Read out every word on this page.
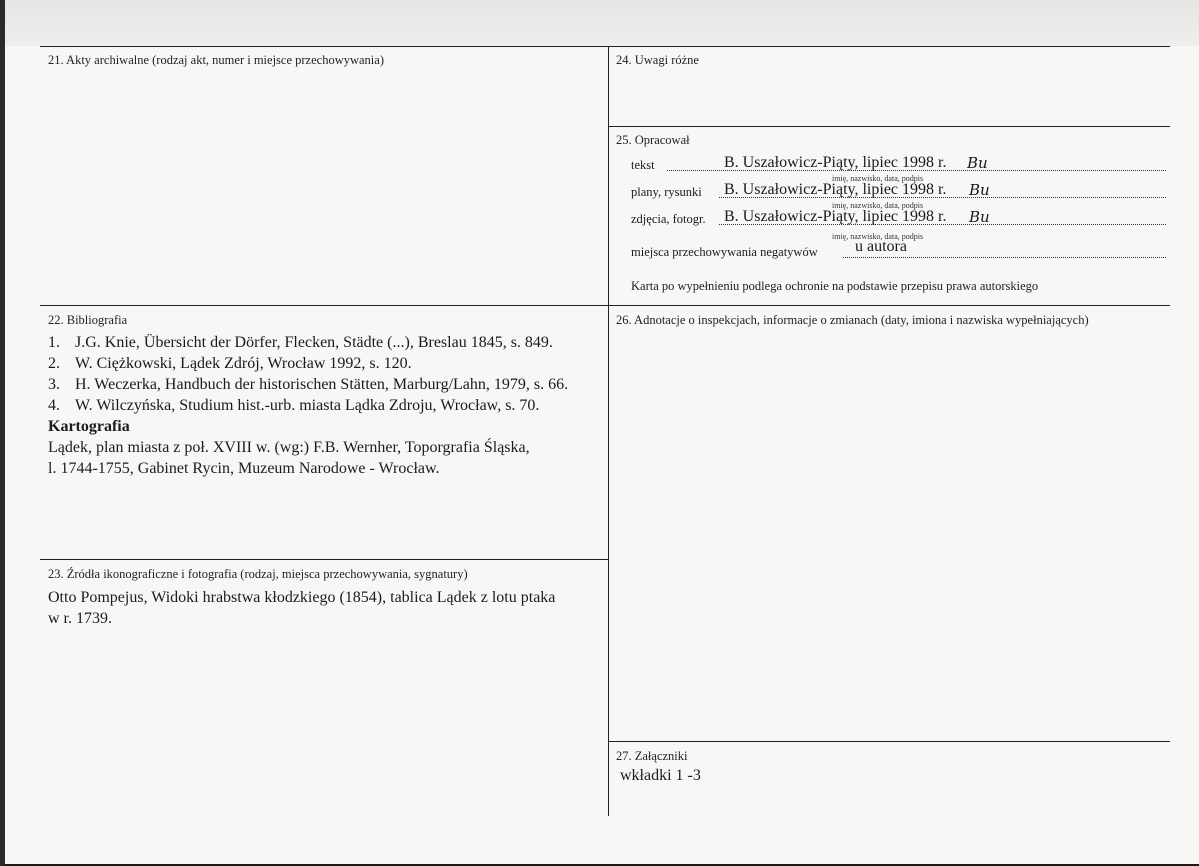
21. Akty archiwalne (rodzaj akt, numer i miejsce przechowywania)	24. Uwagi różne
25. Opracował
tekst	B. Uszałowicz-Piąty, lipiec 1998 r. Bu
imię, nazwisko, data, podpis
plany, rysunki B. Uszałowicz-Piąty, lipiec 1998 r. Bu
imię, nazwisko, data, podpis
zdjęcia, fotogr. B. Uszałowicz-Piąty, lipiec 1998 r. Bu
imię, nazwisko, data, podpis
miejsca przechowywania negatywów u autora
Karta po wypełnieniu podlega ochronie na podstawie przepisu prawa autorskiego
22. Bibliografia
1. J.G. Knie, Übersicht der Dörfer, Flecken, Städte (...), Breslau 1845, s. 849.
2. W. Ciężkowski, Lądek Zdrój, Wrocław 1992, s. 120.
3. H. Weczerka, Handbuch der historischen Stätten, Marburg/Lahn, 1979, s. 66.
4. W. Wilczyńska, Studium hist.-urb. miasta Lądka Zdroju, Wrocław, s. 70.
Kartografia
Lądek, plan miasta z poł. XVIII w. (wg:) F.B. Wernher, Toporgrafia Śląska,
l. 1744-1755, Gabinet Rycin, Muzeum Narodowe - Wrocław.
26. Adnotacje o inspekcjach, informacje o zmianach (daty, imiona i nazwiska wypełniających)
23. Źródła ikonograficzne i fotografia (rodzaj, miejsca przechowywania, sygnatury)
Otto Pompejus, Widoki hrabstwa kłodzkiego (1854), tablica Lądek z lotu ptaka
w r. 1739.
27. Załączniki
wkładki 1 -3
